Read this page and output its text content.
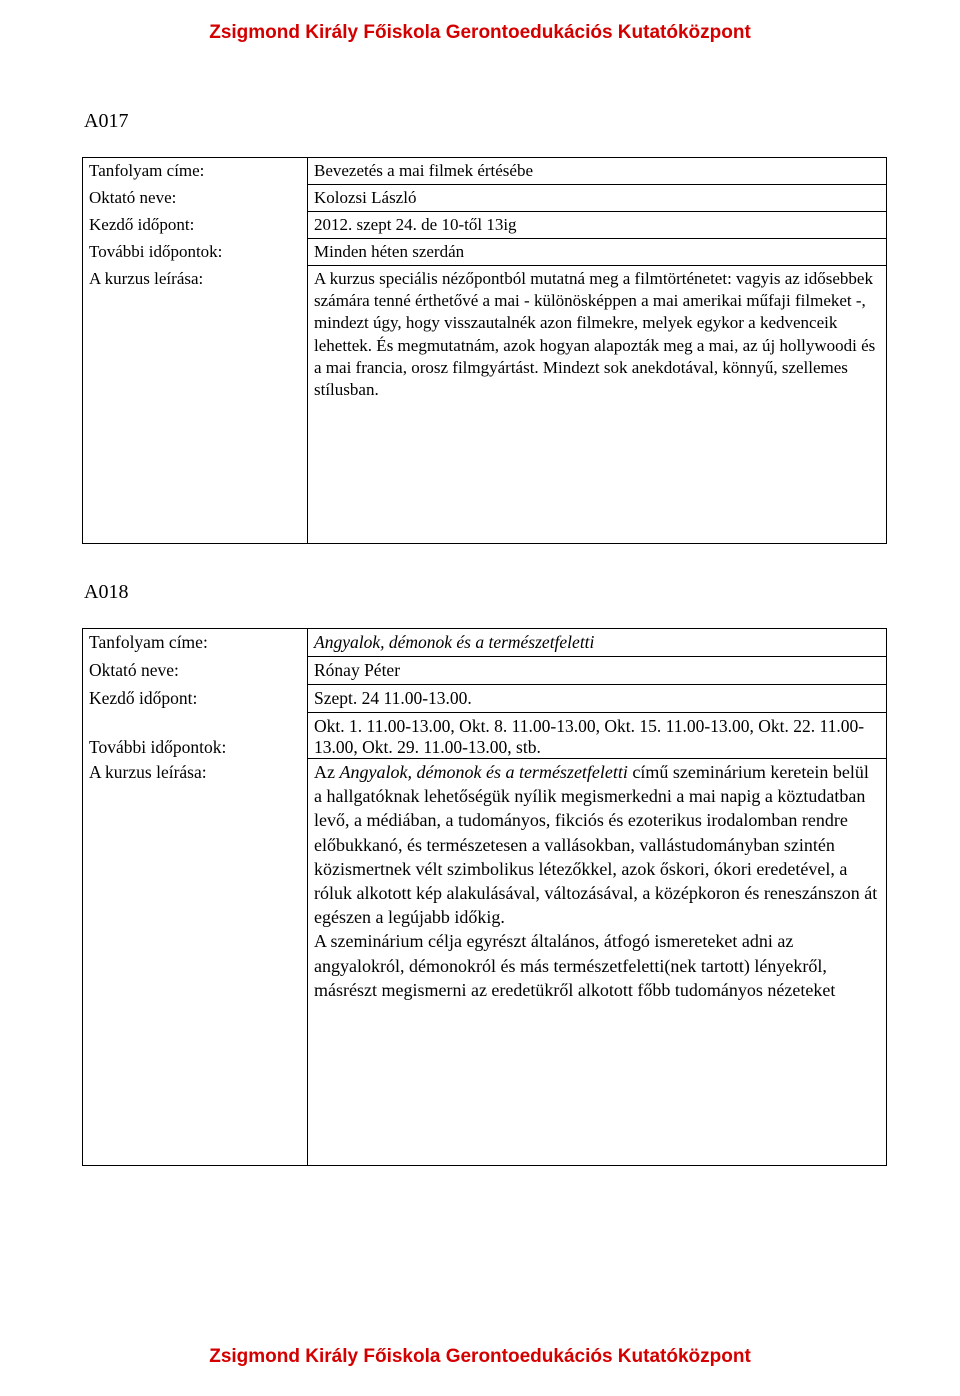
Zsigmond Király Főiskola Gerontoedukációs Kutatóközpont
A017
Tanfolyam címe:	Bevezetés a mai filmek értésébe
Oktató neve:	Kolozsi László
Kezdő időpont:	2012. szept 24. de 10-től 13ig
További időpontok:	Minden héten szerdán
A kurzus leírása:	A kurzus speciális nézőpontból mutatná meg a filmtörténetet: vagyis az idősebbek számára tenné érthetővé a mai - különösképpen a mai amerikai műfaji filmeket -, mindezt úgy, hogy visszautalnék azon filmekre, melyek egykor a kedvenceik lehettek. És megmutatnám, azok hogyan alapozták meg a mai, az új hollywoodi és a mai francia, orosz filmgyártást. Mindezt sok anekdotával, könnyű, szellemes stílusban.
A018
Tanfolyam címe:	Angyalok, démonok és a természetfeletti
Oktató neve:	Rónay Péter
Kezdő időpont:	Szept. 24 11.00-13.00.
További időpontok:	Okt. 1. 11.00-13.00, Okt. 8. 11.00-13.00, Okt. 15. 11.00-13.00, Okt. 22. 11.00-13.00, Okt. 29. 11.00-13.00, stb.
A kurzus leírása:	Az Angyalok, démonok és a természetfeletti című szeminárium keretein belül a hallgatóknak lehetőségük nyílik megismerkedni a mai napig a köztudatban levő, a médiában, a tudományos, fikciós és ezoterikus irodalomban rendre előbukkanó, és természetesen a vallásokban, vallástudományban szintén közismertnek vélt szimbolikus létezőkkel, azok őskori, ókori eredetével, a róluk alkotott kép alakulásával, változásával, a középkoron és reneszánszon át egészen a legújabb időkig.
A szeminárium célja egyrészt általános, átfogó ismereteket adni az angyalokról, démonokról és más természetfeletti(nek tartott) lényekről, másrészt megismerni az eredetükről alkotott főbb tudományos nézeteket
Zsigmond Király Főiskola Gerontoedukációs Kutatóközpont
